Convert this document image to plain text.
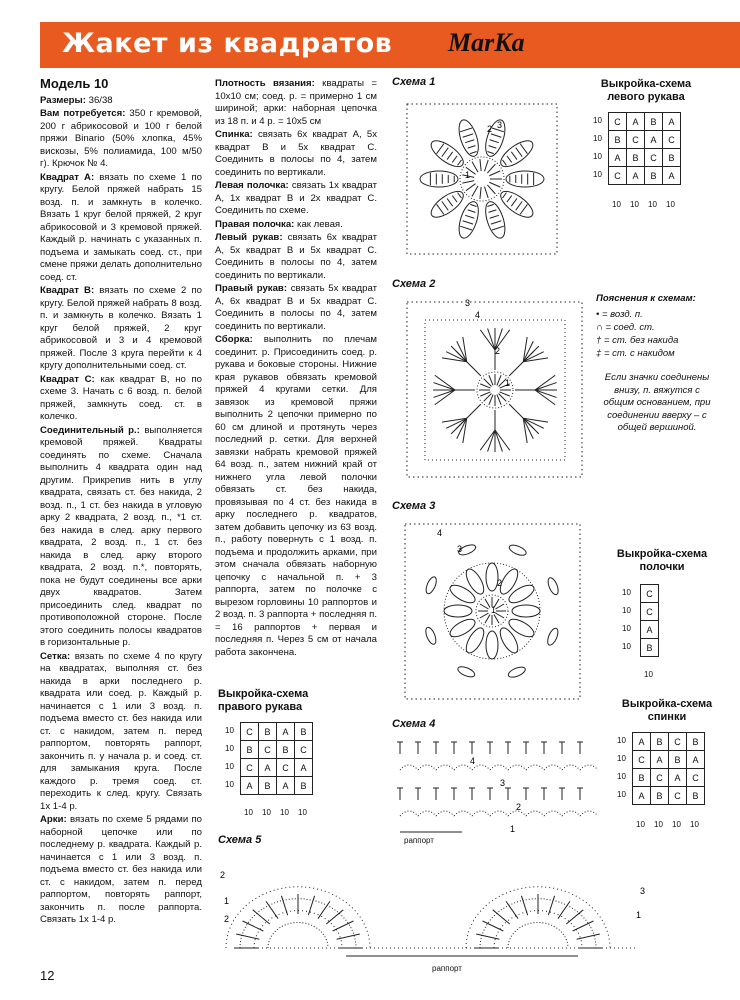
Жакет из квадратов MarKa

Модель 10

Размеры: 36/38

Вам потребуется: 350 г кремовой, 200 г абрикосовой и 100 г белой пряжи Binario (50% хлопка, 45% вискозы, 5% полиамида, 100 м/50 г). Крючок № 4.

Квадрат A: вязать по схеме 1 по кругу. Белой пряжей набрать 15 возд. п. и замкнуть в колечко. Вязать 1 круг белой пряжей, 2 круг абрикосовой и 3 кремовой пряжей. Каждый р. начинать с указанных п. подъема и замыкать соед. ст., при смене пряжи делать дополнительно соед. ст.

Квадрат B: вязать по схеме 2 по кругу. Белой пряжей набрать 8 возд. п. и замкнуть в колечко. Вязать 1 круг белой пряжей, 2 круг абрикосовой и 3 и 4 кремовой пряжей. После 3 круга перейти к 4 кругу дополнительными соед. ст.

Квадрат C: как квадрат B, но по схеме 3. Начать с 6 возд. п. белой пряжей, замкнуть соед. ст. в колечко.

Соединительный р.: выполняется кремовой пряжей. Квадраты соединять по схеме. Сначала выполнить 4 квадрата один над другим. Прикрепив нить в углу квадрата, связать ст. без накида, 2 возд. п., 1 ст. без накида в угловую арку 2 квадрата, 2 возд. п., *1 ст. без накида в след. арку первого квадрата, 2 возд. п., 1 ст. без накида в след. арку второго квадрата, 2 возд. п.*, повторять, пока не будут соединены все арки двух квадратов. Затем присоединить след. квадрат по противоположной стороне. После этого соединить полосы квадратов в горизонтальные р.

Сетка: вязать по схеме 4 по кругу на квадратах, выполняя ст. без накида в арки последнего р. квадрата или соед. р. Каждый р. начинается с 1 или 3 возд. п. подъема вместо ст. без накида или ст. с накидом, затем п. перед раппортом, повторять раппорт, закончить п. у начала р. и соед. ст. для замыкания круга. После каждого р. тремя соед. ст. переходить к след. кругу. Связать 1х 1-4 р.

Арки: вязать по схеме 5 рядами по наборной цепочке или по последнему р. квадрата. Каждый р. начинается с 1 или 3 возд. п. подъема вместо ст. без накида или ст. с накидом, затем п. перед раппортом, повторять раппорт, закончить п. после раппорта. Связать 1х 1-4 р.

Плотность вязания: квадраты = 10х10 см; соед. р. = примерно 1 см шириной; арки: наборная цепочка из 18 п. и 4 р. = 10х5 см

Спинка: связать 6х квадрат A, 5х квадрат B и 5х квадрат C. Соединить в полосы по 4, затем соединить по вертикали.

Левая полочка: связать 1х квадрат A, 1х квадрат B и 2х квадрат C. Соединить по схеме.

Правая полочка: как левая.

Левый рукав: связать 6х квадрат A, 5х квадрат B и 5х квадрат C. Соединить в полосы по 4, затем соединить по вертикали.

Правый рукав: связать 5х квадрат A, 6х квадрат B и 5х квадрат C. Соединить в полосы по 4, затем соединить по вертикали.

Сборка: выполнить по плечам соединит. р. Присоединить соед. р. рукава и боковые стороны. Нижние края рукавов обвязать кремовой пряжей 4 кругами сетки. Для завязок из кремовой пряжи выполнить 2 цепочки примерно по 60 см длиной и протянуть через последний р. сетки. Для верхней завязки набрать кремовой пряжей 64 возд. п., затем нижний край от нижнего угла левой полочки обвязать ст. без накида, провязывая по 4 ст. без накида в арку последнего р. квадратов, затем добавить цепочку из 63 возд. п., работу повернуть с 1 возд. п. подъема и продолжить арками, при этом сначала обвязать наборную цепочку с начальной п. + 3 раппорта, затем по полочке с вырезом горловины 10 раппортов и 2 возд. п. 3 раппорта + последняя п. = 16 раппортов + первая и последняя п. Через 5 см от начала работа закончена.

Выкройка-схема правого рукава
C	B	A	B
B	C	B	C
C	A	C	A
A	B	A	B
10
10
10
10
10 10 10 10
Схема 1
2 3
1
Схема 2
4
3
2
1
Схема 3
4
3
2
1
Схема 4
4
3
2
1
раппорт
Схема 5
2
1
2
3
1
раппорт
Выкройка-схема левого рукава
C	A	B	A
B	C	A	C
A	B	C	B
C	A	B	A
10
10
10
10
10 10 10 10
Пояснения к схемам:
• = возд. п.
∩ = соед. ст.
† = ст. без накида
‡ = ст. с накидом
Если значки соединены внизу, п. вяжутся с общим основанием, при соединении вверху – с общей вершиной.
Выкройка-схема полочки
C
C
A
B
10
10
10
10
10
Выкройка-схема спинки
A	B	C	B
C	A	B	A
B	C	A	C
A	B	C	B
10
10
10
10
10 10 10 10
12
